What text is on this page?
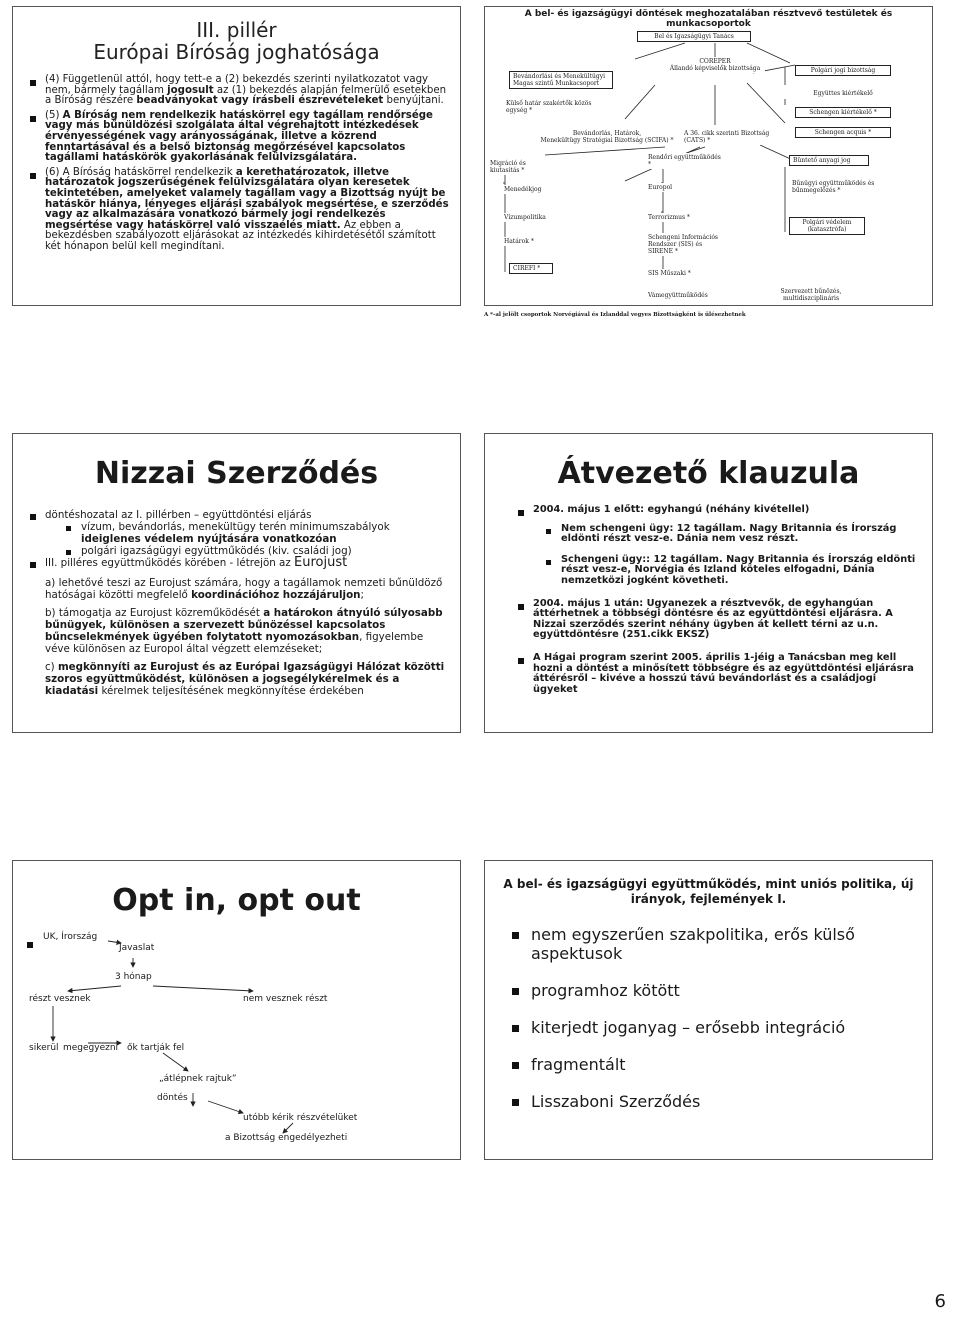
III. pillér
Európai Bíróság joghatósága
(4) Függetlenül attól, hogy tett-e a (2) bekezdés szerinti nyilatkozatot vagy nem, bármely tagállam jogosult az (1) bekezdés alapján felmerülő esetekben a Bíróság részére beadványokat vagy írásbeli észrevételeket benyújtani.
(5) A Bíróság nem rendelkezik hatáskörrel egy tagállam rendőrsége vagy más bűnüldözési szolgálata által végrehajtott intézkedések érvényességének vagy arányosságának, illetve a közrend fenntartásával és a belső biztonság megőrzésével kapcsolatos tagállami hatáskörök gyakorlásának felülvizsgálatára.
(6) A Bíróság hatáskörrel rendelkezik a kerethatározatok, illetve határozatok jogszerűségének felülvizsgálatára olyan keresetek tekintetében, amelyeket valamely tagállam vagy a Bizottság nyújt be hatáskör hiánya, lényeges eljárási szabályok megsértése, e szerződés vagy az alkalmazására vonatkozó bármely jogi rendelkezés megsértése vagy hatáskörrel való visszaélés miatt. Az ebben a bekezdésben szabályozott eljárásokat az intézkedés kihirdetésétől számított két hónapon belül kell megindítani.
A bel- és igazságügyi döntések meghozatalában résztvevő testületek és munkacsoportok
Bel és Igazságügyi Tanács
COREPER
Állandó képviselők bizottsága
Bevándorlási és Menekültügyi
Magas szintű Munkacsoport
Külső határ szakértők közös
egység *
Bevándorlás, Határok,
Menekültügy Stratégiai Bizottság (SCIFA) *
A 36. cikk szerinti Bizottság
(CATS) *
Polgári jogi bizottság
Együttes kiértékelő
Schengen kiértékelő *
Schengen acquis *
Migráció és kiutasítás *
Menedékjog
Vízumpolitika
Határok *
CIREFI *
Rendőri együttműködés
*
Europol
Terrorizmus *
Schengeni Információs
Rendszer (SIS) és
SIRENE *
SIS Műszaki *
Vámegyüttműködés
Büntető anyagi jog
Bűnügyi együttműködés és
bűnmegelőzés *
Polgári védelem
(katasztrófa)
Szervezett bűnözés,
multidiszciplináris
A *-al jelölt csoportok Norvégiával és Izlanddal vegyes Bizottságként is ülésezhetnek
Nizzai Szerződés
döntéshozatal az I. pillérben – együttdöntési eljárás
vízum, bevándorlás, menekültügy terén minimumszabályok ideiglenes védelem nyújtására vonatkozóan
polgári igazságügyi együttműködés (kiv. családi jog)
III. pilléres együttműködés körében - létrejön az Eurojust

a) lehetővé teszi az Eurojust számára, hogy a tagállamok nemzeti bűnüldöző hatóságai közötti megfelelő koordinációhoz hozzájáruljon;

b) támogatja az Eurojust közreműködését a határokon átnyúló súlyosabb bűnügyek, különösen a szervezett bűnözéssel kapcsolatos bűncselekmények ügyében folytatott nyomozásokban, figyelembe véve különösen az Europol által végzett elemzéseket;

c) megkönnyíti az Eurojust és az Európai Igazságügyi Hálózat közötti szoros együttműködést, különösen a jogsegélykérelmek és a kiadatási kérelmek teljesítésének megkönnyítése érdekében

Átvezető klauzula
2004. május 1 előtt: egyhangú (néhány kivétellel)
Nem schengeni ügy: 12 tagállam. Nagy Britannia és Írország eldönti részt vesz-e. Dánia nem vesz részt.
Schengeni ügy:: 12 tagállam. Nagy Britannia és Írország eldönti részt vesz-e, Norvégia és Izland köteles elfogadni, Dánia nemzetközi jogként követheti.
2004. május 1 után: Ugyanezek a résztvevők, de egyhangúan áttérhetnek a többségi döntésre és az együttdöntési eljárásra. A Nizzai szerződés szerint néhány ügyben át kellett térni az u.n. együttdöntésre (251.cikk EKSZ)
A Hágai program szerint 2005. április 1-jéig a Tanácsban meg kell hozni a döntést a minősített többségre és az együttdöntési eljárásra áttérésről – kivéve a hosszú távú bevándorlást és a családjogi ügyeket
Opt in, opt out
UK, Írország
Javaslat
3 hónap
részt vesznek	nem vesznek részt
sikerül megegyezni ők tartják fel
„átlépnek rajtuk”
döntés
utóbb kérik részvételüket
a Bizottság engedélyezheti
A bel- és igazságügyi együttműködés, mint uniós politika, új irányok, fejlemények I.
nem egyszerűen szakpolitika, erős külső aspektusok
programhoz kötött
kiterjedt joganyag – erősebb integráció
fragmentált
Lisszaboni Szerződés
6
